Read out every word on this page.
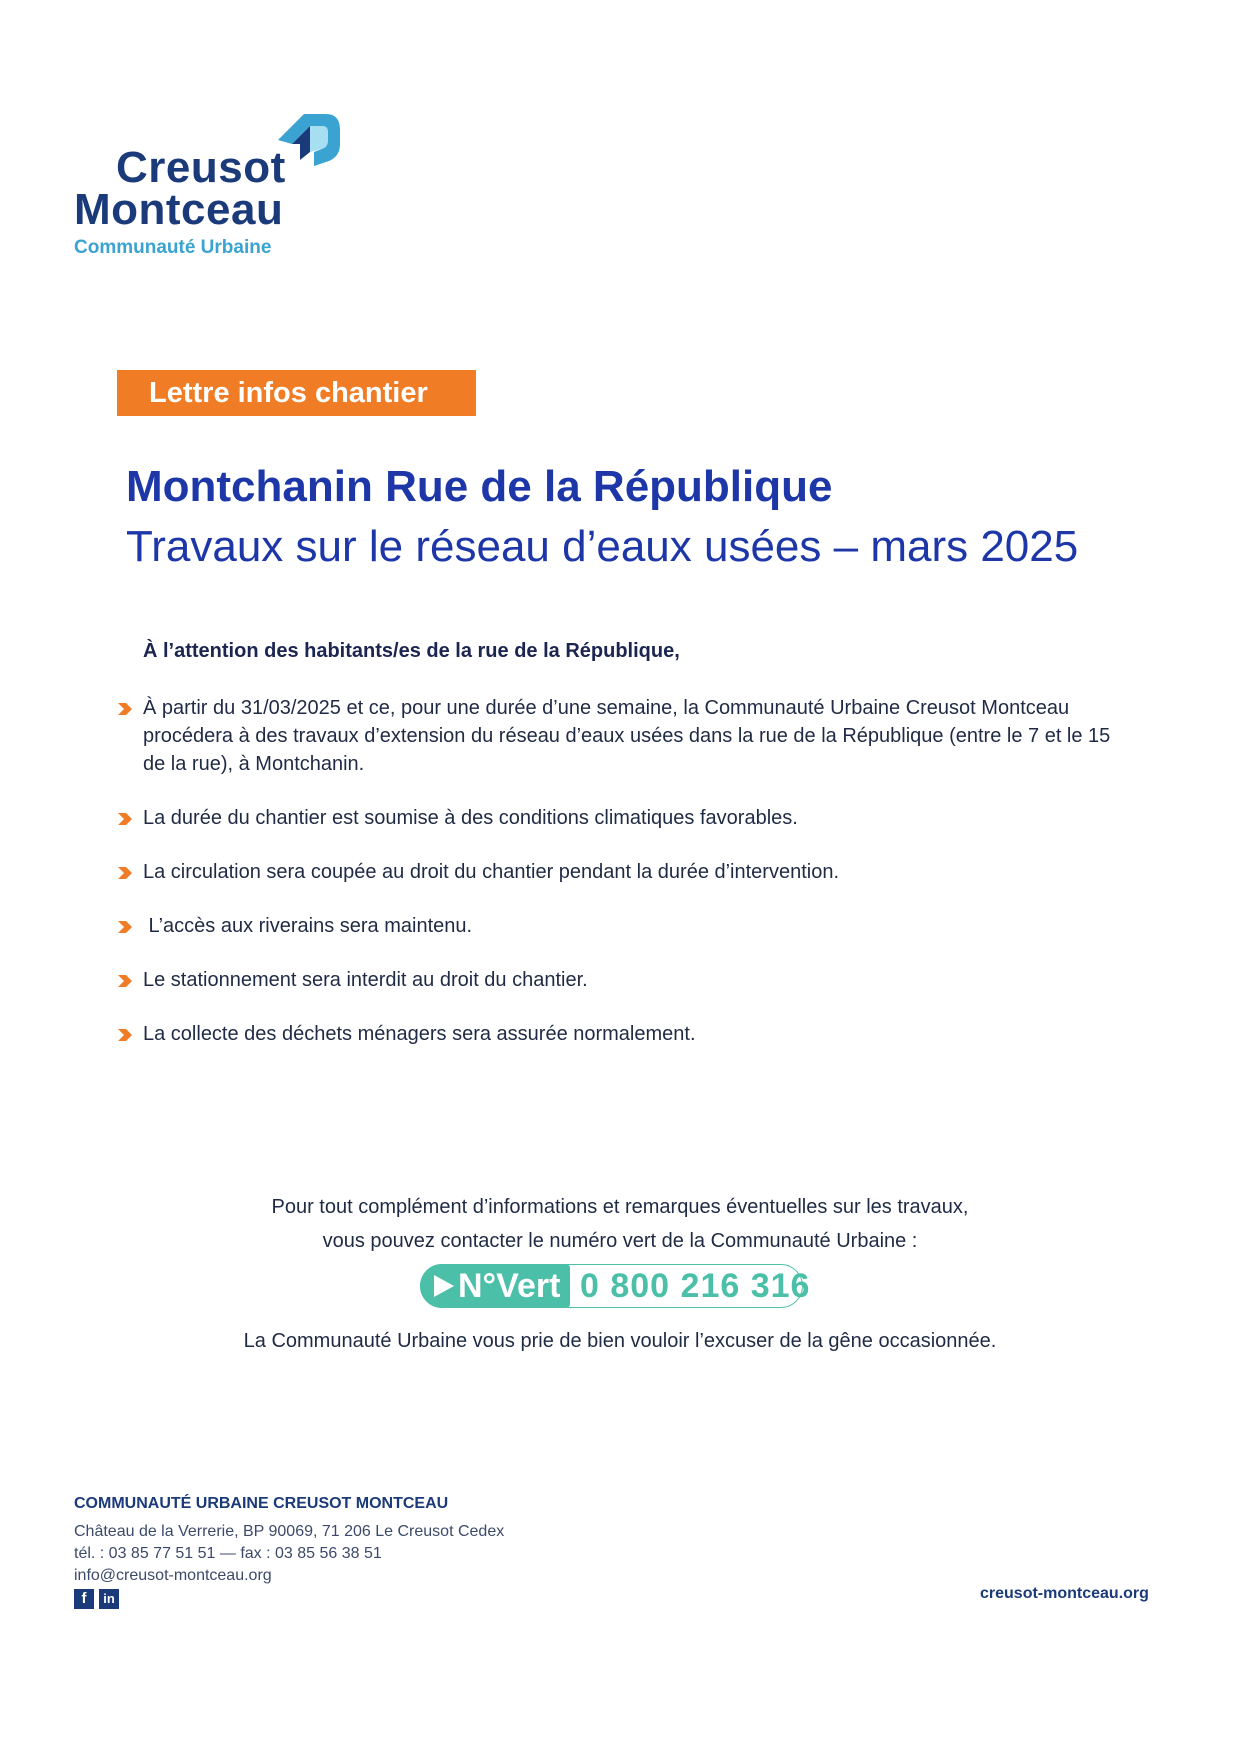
Creusot
Montceau
Communauté Urbaine
Lettre infos chantier
Montchanin Rue de la République
Travaux sur le réseau d’eaux usées – mars 2025
À l’attention des habitants/es de la rue de la République,
À partir du 31/03/2025 et ce, pour une durée d’une semaine, la Communauté Urbaine Creusot Montceau procédera à des travaux d’extension du réseau d’eaux usées dans la rue de la République (entre le 7 et le 15 de la rue), à Montchanin.
La durée du chantier est soumise à des conditions climatiques favorables.
La circulation sera coupée au droit du chantier pendant la durée d’intervention.
L’accès aux riverains sera maintenu.
Le stationnement sera interdit au droit du chantier.
La collecte des déchets ménagers sera assurée normalement.
Pour tout complément d’informations et remarques éventuelles sur les travaux,
vous pouvez contacter le numéro vert de la Communauté Urbaine :
N°Vert 0 800 216 316
La Communauté Urbaine vous prie de bien vouloir l’excuser de la gêne occasionnée.
COMMUNAUTÉ URBAINE CREUSOT MONTCEAU
Château de la Verrerie, BP 90069, 71 206 Le Creusot Cedex
tél. : 03 85 77 51 51 — fax : 03 85 56 38 51
info@creusot-montceau.org
f	in	creusot-montceau.org
